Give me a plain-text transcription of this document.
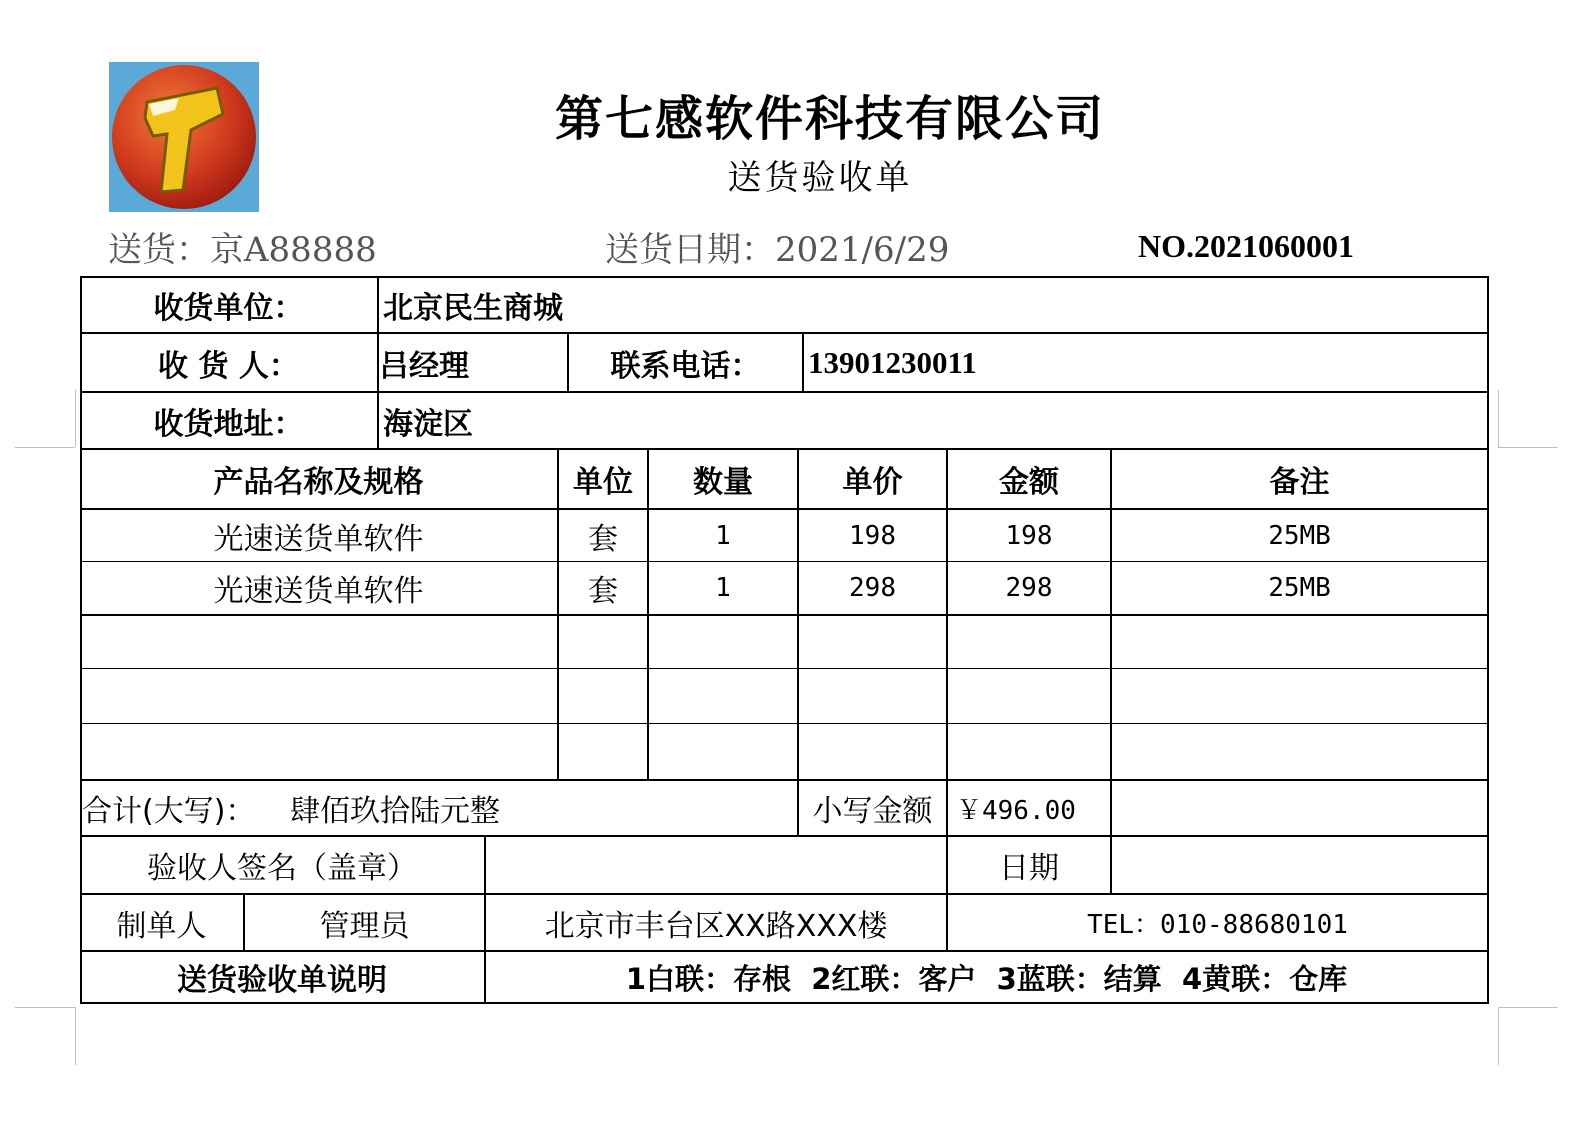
第七感软件科技有限公司
送货验收单
送货：京A88888	送货日期：2021/6/29	NO.2021060001
收货单位：	北京民生商城
收 货 人：	吕经理	联系电话：	13901230011
收货地址：	海淀区
产品名称及规格	单位	数量	单价	金额	备注
光速送货单软件	套	1	198	198	25MB
光速送货单软件	套	1	298	298	25MB
合计(大写)：	肆佰玖拾陆元整	小写金额 ￥496.00
验收人签名（盖章）	日期
制单人	管理员	北京市丰台区XX路XXX楼	TEL：010-88680101
送货验收单说明	1白联：存根  2红联：客户  3蓝联：结算  4黄联：仓库
